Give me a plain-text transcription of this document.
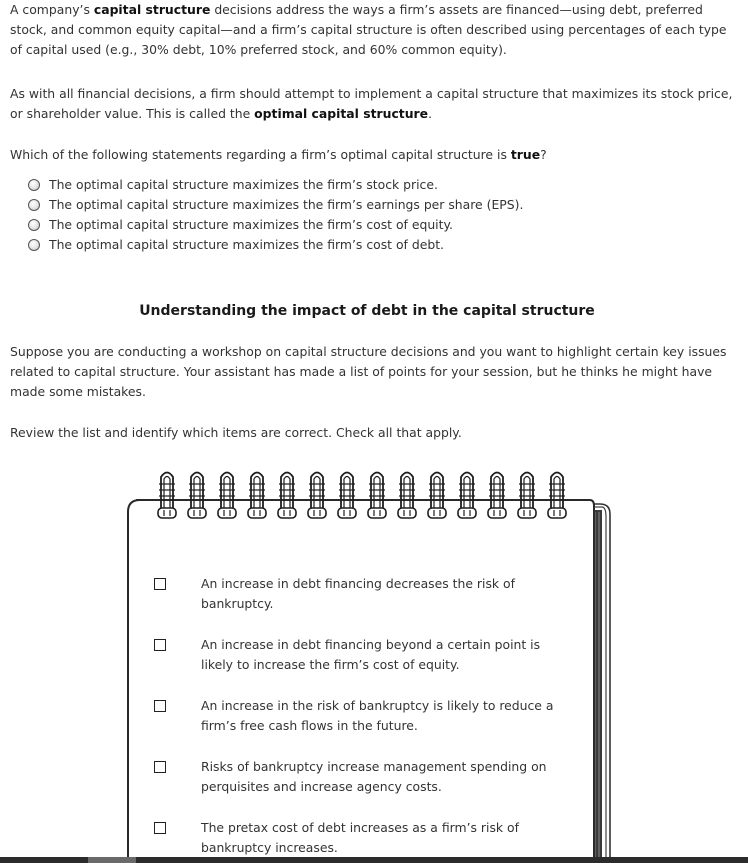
A company’s capital structure decisions address the ways a firm’s assets are financed—using debt, preferred stock, and common equity capital—and a firm’s capital structure is often described using percentages of each type of capital used (e.g., 30% debt, 10% preferred stock, and 60% common equity).

As with all financial decisions, a firm should attempt to implement a capital structure that maximizes its stock price, or shareholder value. This is called the optimal capital structure.

Which of the following statements regarding a firm’s optimal capital structure is true?

The optimal capital structure maximizes the firm’s stock price.
The optimal capital structure maximizes the firm’s earnings per share (EPS).
The optimal capital structure maximizes the firm’s cost of equity.
The optimal capital structure maximizes the firm’s cost of debt.
Understanding the impact of debt in the capital structure

Suppose you are conducting a workshop on capital structure decisions and you want to highlight certain key issues related to capital structure. Your assistant has made a list of points for your session, but he thinks he might have made some mistakes.

Review the list and identify which items are correct. Check all that apply.

An increase in debt financing decreases the risk of bankruptcy.

An increase in debt financing beyond a certain point is likely to increase the firm’s cost of equity.

An increase in the risk of bankruptcy is likely to reduce a firm’s free cash flows in the future.

Risks of bankruptcy increase management spending on perquisites and increase agency costs.

The pretax cost of debt increases as a firm’s risk of bankruptcy increases.
